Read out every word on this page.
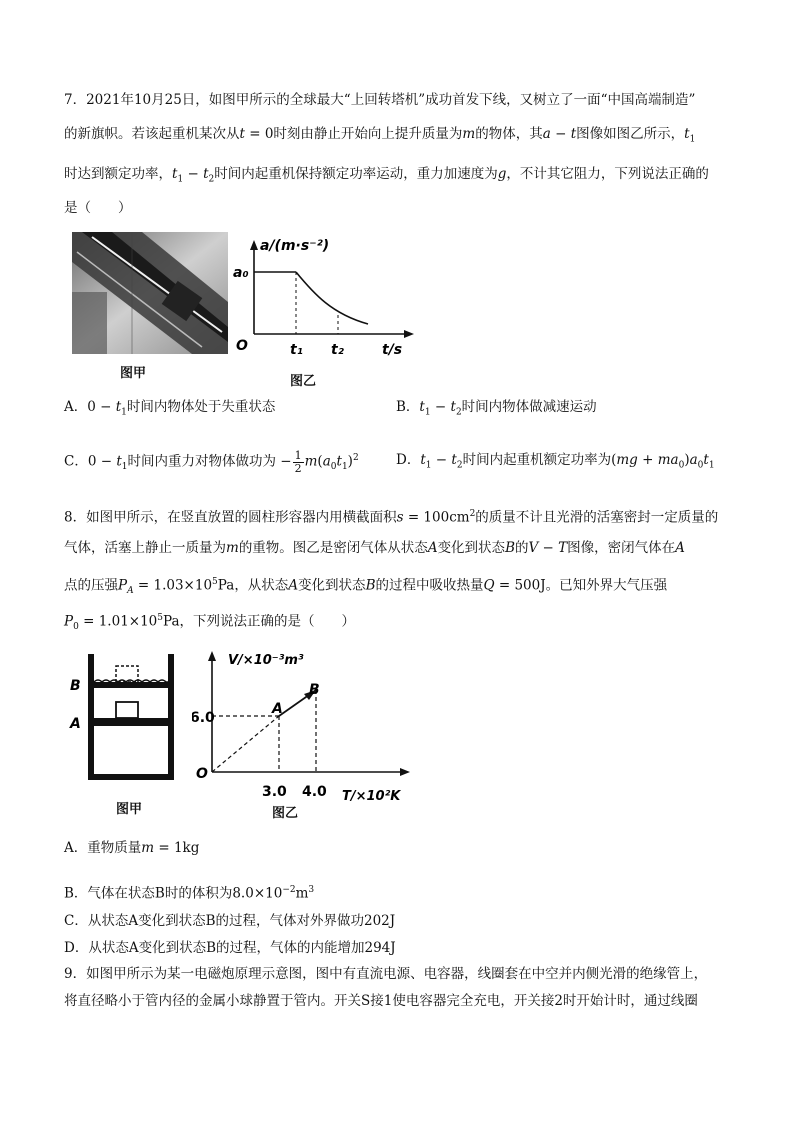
7．2021年10月25日，如图甲所示的全球最大“上回转塔机”成功首发下线，又树立了一面“中国高端制造”
的新旗帜。若该起重机某次从t = 0时刻由静止开始向上提升质量为m的物体，其a − t图像如图乙所示，$t_1$
时达到额定功率，$t_1 - t_2$时间内起重机保持额定功率运动，重力加速度为g，不计其它阻力，下列说法正确的
是（　　）
图甲
a/(m·s⁻²)
a₀
O	t₁ t₂	t/s
图乙
A．$0 - t_1$时间内物体处于失重状态	B．$t_1 - t_2$时间内物体做减速运动
C．$0 - t_1$时间内重力对物体做功为 − $\frac{1}{2} m(a_0t_1)^2$	D．$t_1 - t_2$时间内起重机额定功率为$(mg + ma_0)a_0t_1$
8．如图甲所示，在竖直放置的圆柱形容器内用横截面积$s = 100cm^2$的质量不计且光滑的活塞密封一定质量的
气体，活塞上静止一质量为m的重物。图乙是密闭气体从状态A变化到状态B的V − T图像，密闭气体在A
点的压强$P_A = 1.03\times 10^5Pa$，从状态A变化到状态B的过程中吸收热量Q = 500J。已知外界大气压强
$P_0 = 1.01\times 10^5Pa$，下列说法正确的是（　　）
B
A
图甲
V/×10⁻³m³
6.0
A
B
O
3.0 4.0 T/×10²K
图乙
A．重物质量m = 1kg
B．气体在状态B时的体积为$8.0\times 10^{-2}m^3$
C．从状态A变化到状态B的过程，气体对外界做功202J
D．从状态A变化到状态B的过程，气体的内能增加294J
9．如图甲所示为某一电磁炮原理示意图，图中有直流电源、电容器，线圈套在中空并内侧光滑的绝缘管上，
将直径略小于管内径的金属小球静置于管内。开关S接1使电容器完全充电，开关接2时开始计时，通过线圈
